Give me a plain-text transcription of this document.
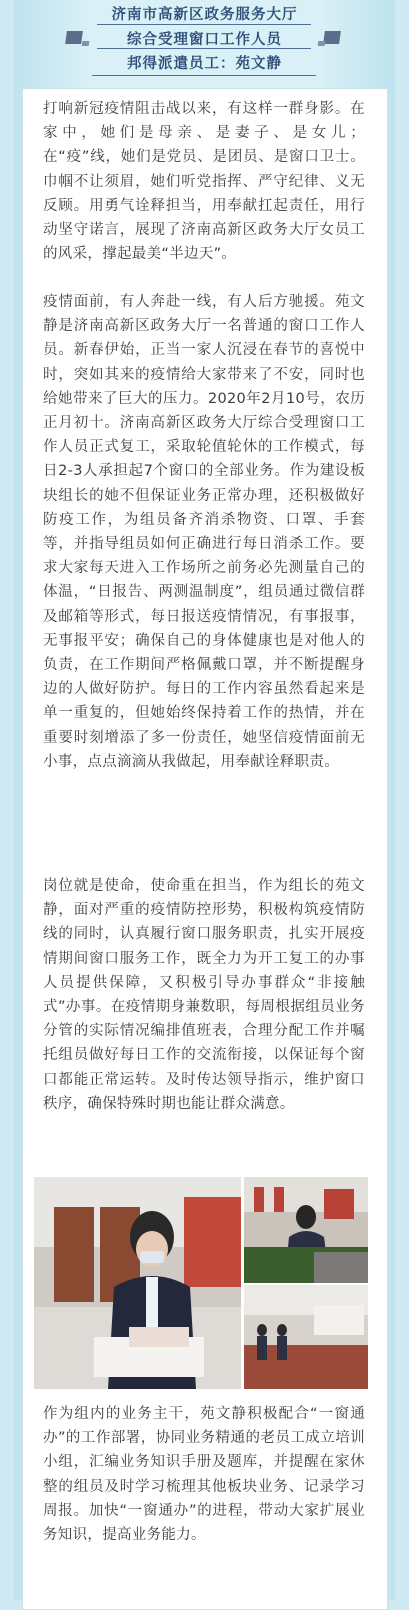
济南市高新区政务服务大厅
综合受理窗口工作人员
邦得派遣员工：苑文静

打响新冠疫情阻击战以来，有这样一群身影。在家中，她们是母亲、是妻子、是女儿；在“疫”线，她们是党员、是团员、是窗口卫士。巾帼不让须眉，她们听党指挥、严守纪律、义无反顾。用勇气诠释担当，用奉献扛起责任，用行动坚守诺言，展现了济南高新区政务大厅女员工的风采，撑起最美“半边天”。

疫情面前，有人奔赴一线，有人后方驰援。苑文静是济南高新区政务大厅一名普通的窗口工作人员。新春伊始，正当一家人沉浸在春节的喜悦中时，突如其来的疫情给大家带来了不安，同时也给她带来了巨大的压力。2020年2月10号，农历正月初十。济南高新区政务大厅综合受理窗口工作人员正式复工，采取轮值轮休的工作模式，每日2-3人承担起7个窗口的全部业务。作为建设板块组长的她不但保证业务正常办理，还积极做好防疫工作，为组员备齐消杀物资、口罩、手套等，并指导组员如何正确进行每日消杀工作。要求大家每天进入工作场所之前务必先测量自己的体温，“日报告、两测温制度”，组员通过微信群及邮箱等形式，每日报送疫情情况，有事报事，无事报平安；确保自己的身体健康也是对他人的负责，在工作期间严格佩戴口罩，并不断提醒身边的人做好防护。每日的工作内容虽然看起来是单一重复的，但她始终保持着工作的热情，并在重要时刻增添了多一份责任，她坚信疫情面前无小事，点点滴滴从我做起，用奉献诠释职责。

岗位就是使命，使命重在担当，作为组长的苑文静，面对严重的疫情防控形势，积极构筑疫情防线的同时，认真履行窗口服务职责，扎实开展疫情期间窗口服务工作，既全力为开工复工的办事人员提供保障，又积极引导办事群众“非接触式”办事。在疫情期身兼数职，每周根据组员业务分管的实际情况编排值班表，合理分配工作并嘱托组员做好每日工作的交流衔接，以保证每个窗口都能正常运转。及时传达领导指示，维护窗口秩序，确保特殊时期也能让群众满意。

作为组内的业务主干，苑文静积极配合“一窗通办”的工作部署，协同业务精通的老员工成立培训小组，汇编业务知识手册及题库，并提醒在家休整的组员及时学习梳理其他板块业务、记录学习周报。加快“一窗通办”的进程，带动大家扩展业务知识，提高业务能力。
